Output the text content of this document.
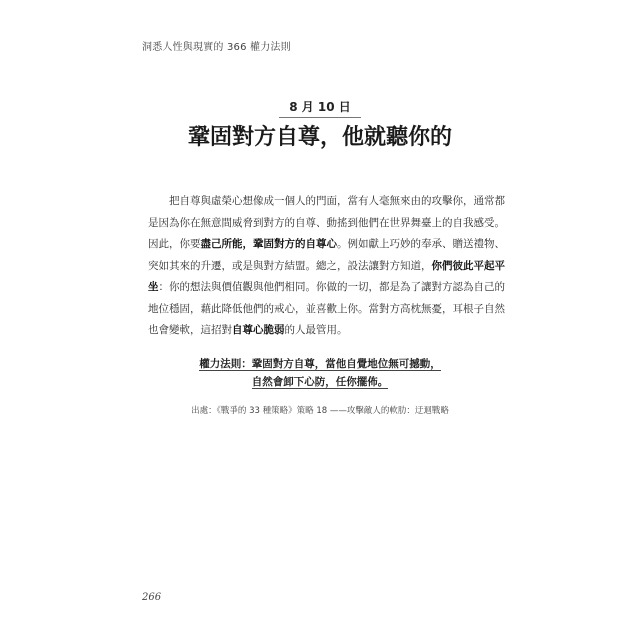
洞悉人性與現實的 366 權力法則
8 月 10 日
鞏固對方自尊，他就聽你的
　　把自尊與虛榮心想像成一個人的門面，當有人毫無來由的攻擊你，通常都
是因為你在無意間威脅到對方的自尊、動搖到他們在世界舞臺上的自我感受。
因此，你要盡己所能，鞏固對方的自尊心。例如獻上巧妙的奉承、贈送禮物、
突如其來的升遷，或是與對方結盟。總之，設法讓對方知道，你們彼此平起平
坐：你的想法與價值觀與他們相同。你做的一切，都是為了讓對方認為自己的
地位穩固，藉此降低他們的戒心，並喜歡上你。當對方高枕無憂，耳根子自然
也會變軟，這招對自尊心脆弱的人最管用。
權力法則：鞏固對方自尊，當他自覺地位無可撼動，
自然會卸下心防，任你擺佈。
出處：《戰爭的 33 種策略》策略 18 ——攻擊敵人的軟肋：迂迴戰略
266
